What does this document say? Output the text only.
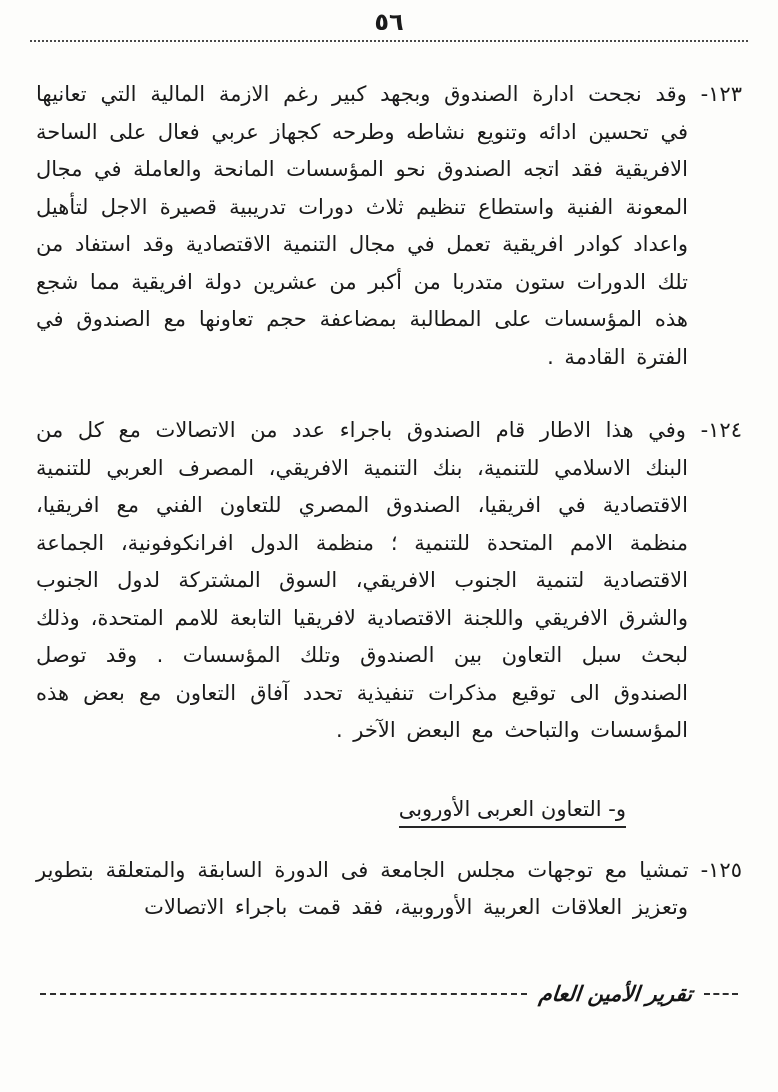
٥٦

١٢٣- وقد نجحت ادارة الصندوق وبجهد كبير رغم الازمة المالية التي تعانيها في تحسين ادائه وتنويع نشاطه وطرحه كجهاز عربي فعال على الساحة الافريقية فقد اتجه الصندوق نحو المؤسسات المانحة والعاملة في مجال المعونة الفنية واستطاع تنظيم ثلاث دورات تدريبية قصيرة الاجل لتأهيل واعداد كوادر افريقية تعمل في مجال التنمية الاقتصادية وقد استفاد من تلك الدورات ستون متدربا من أكبر من عشرين دولة افريقية مما شجع هذه المؤسسات على المطالبة بمضاعفة حجم تعاونها مع الصندوق في الفترة القادمة .

١٢٤- وفي هذا الاطار قام الصندوق باجراء عدد من الاتصالات مع كل من البنك الاسلامي للتنمية، بنك التنمية الافريقي، المصرف العربي للتنمية الاقتصادية في افريقيا، الصندوق المصري للتعاون الفني مع افريقيا، منظمة الامم المتحدة للتنمية ؛ منظمة الدول افرانكوفونية، الجماعة الاقتصادية لتنمية الجنوب الافريقي، السوق المشتركة لدول الجنوب والشرق الافريقي واللجنة الاقتصادية لافريقيا التابعة للامم المتحدة، وذلك لبحث سبل التعاون بين الصندوق وتلك المؤسسات . وقد توصل الصندوق الى توقيع مذكرات تنفيذية تحدد آفاق التعاون مع بعض هذه المؤسسات والتباحث مع البعض الآخر .

و- التعاون العربى الأوروبى

١٢٥- تمشيا مع توجهات مجلس الجامعة فى الدورة السابقة والمتعلقة بتطوير وتعزيز العلاقات العربية الأوروبية، فقد قمت باجراء الاتصالات

تقرير الأمين العام
